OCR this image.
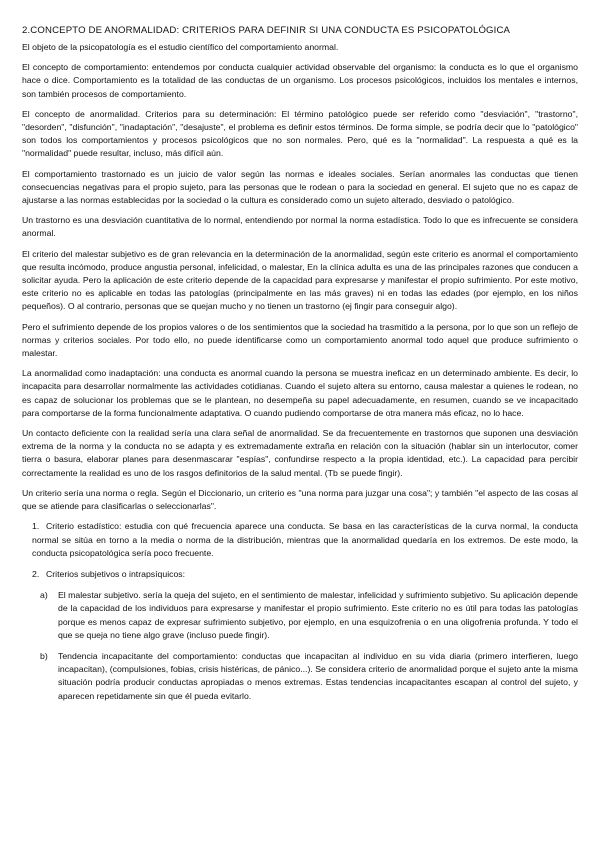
2.CONCEPTO DE ANORMALIDAD: CRITERIOS PARA DEFINIR SI UNA CONDUCTA ES PSICOPATOLÓGICA

El objeto de la psicopatología es el estudio científico del comportamiento anormal.

El concepto de comportamiento: entendemos por conducta cualquier actividad observable del organismo: la conducta es lo que el organismo hace o dice. Comportamiento es la totalidad de las conductas de un organismo. Los procesos psicológicos, incluidos los mentales e internos, son también procesos de comportamiento.

El concepto de anormalidad. Criterios para su determinación: El término patológico puede ser referido como "desviación", "trastorno", "desorden", "disfunción", "inadaptación", "desajuste", el problema es definir estos términos. De forma simple, se podría decir que lo "patológico" son todos los comportamientos y procesos psicológicos que no son normales. Pero, qué es la "normalidad". La respuesta a qué es la "normalidad" puede resultar, incluso, más difícil aún.

El comportamiento trastornado es un juicio de valor según las normas e ideales sociales. Serían anormales las conductas que tienen consecuencias negativas para el propio sujeto, para las personas que le rodean o para la sociedad en general. El sujeto que no es capaz de ajustarse a las normas establecidas por la sociedad o la cultura es considerado como un sujeto alterado, desviado o patológico.

Un trastorno es una desviación cuantitativa de lo normal, entendiendo por normal la norma estadística. Todo lo que es infrecuente se considera anormal.

El criterio del malestar subjetivo es de gran relevancia en la determinación de la anormalidad, según este criterio es anormal el comportamiento que resulta incómodo, produce angustia personal, infelicidad, o malestar, En la clínica adulta es una de las principales razones que conducen a solicitar ayuda. Pero la aplicación de este criterio depende de la capacidad para expresarse y manifestar el propio sufrimiento. Por este motivo, este criterio no es aplicable en todas las patologías (principalmente en las más graves) ni en todas las edades (por ejemplo, en los niños pequeños). O al contrario, personas que se quejan mucho y no tienen un trastorno (ej fingir para conseguir algo).

Pero el sufrimiento depende de los propios valores o de los sentimientos que la sociedad ha trasmitido a la persona, por lo que son un reflejo de normas y criterios sociales. Por todo ello, no puede identificarse como un comportamiento anormal todo aquel que produce sufrimiento o malestar.

La anormalidad como inadaptación: una conducta es anormal cuando la persona se muestra ineficaz en un determinado ambiente. Es decir, lo incapacita para desarrollar normalmente las actividades cotidianas. Cuando el sujeto altera su entorno, causa malestar a quienes le rodean, no es capaz de solucionar los problemas que se le plantean, no desempeña su papel adecuadamente, en resumen, cuando se ve incapacitado para comportarse de la forma funcionalmente adaptativa. O cuando pudiendo comportarse de otra manera más eficaz, no lo hace.

Un contacto deficiente con la realidad sería una clara señal de anormalidad. Se da frecuentemente en trastornos que suponen una desviación extrema de la norma y la conducta no se adapta y es extremadamente extraña en relación con la situación (hablar sin un interlocutor, comer tierra o basura, elaborar planes para desenmascarar "espías", confundirse respecto a la propia identidad, etc.). La capacidad para percibir correctamente la realidad es uno de los rasgos definitorios de la salud mental. (Tb se puede fingir).

Un criterio sería una norma o regla. Según el Diccionario, un criterio es "una norma para juzgar una cosa"; y también "el aspecto de las cosas al que se atiende para clasificarlas o seleccionarlas".

1. Criterio estadístico: estudia con qué frecuencia aparece una conducta. Se basa en las características de la curva normal, la conducta normal se sitúa en torno a la media o norma de la distribución, mientras que la anormalidad quedaría en los extremos. De este modo, la conducta psicopatológica sería poco frecuente.
2. Criterios subjetivos o intrapsíquicos:
a) El malestar subjetivo. sería la queja del sujeto, en el sentimiento de malestar, infelicidad y sufrimiento subjetivo. Su aplicación depende de la capacidad de los individuos para expresarse y manifestar el propio sufrimiento. Este criterio no es útil para todas las patologías porque es menos capaz de expresar sufrimiento subjetivo, por ejemplo, en una esquizofrenia o en una oligofrenia profunda. Y todo el que se queja no tiene algo grave (incluso puede fingir).
b) Tendencia incapacitante del comportamiento: conductas que incapacitan al individuo en su vida diaria (primero interfieren, luego incapacitan), (compulsiones, fobias, crisis histéricas, de pánico...). Se considera criterio de anormalidad porque el sujeto ante la misma situación podría producir conductas apropiadas o menos extremas. Estas tendencias incapacitantes escapan al control del sujeto, y aparecen repetidamente sin que él pueda evitarlo.
